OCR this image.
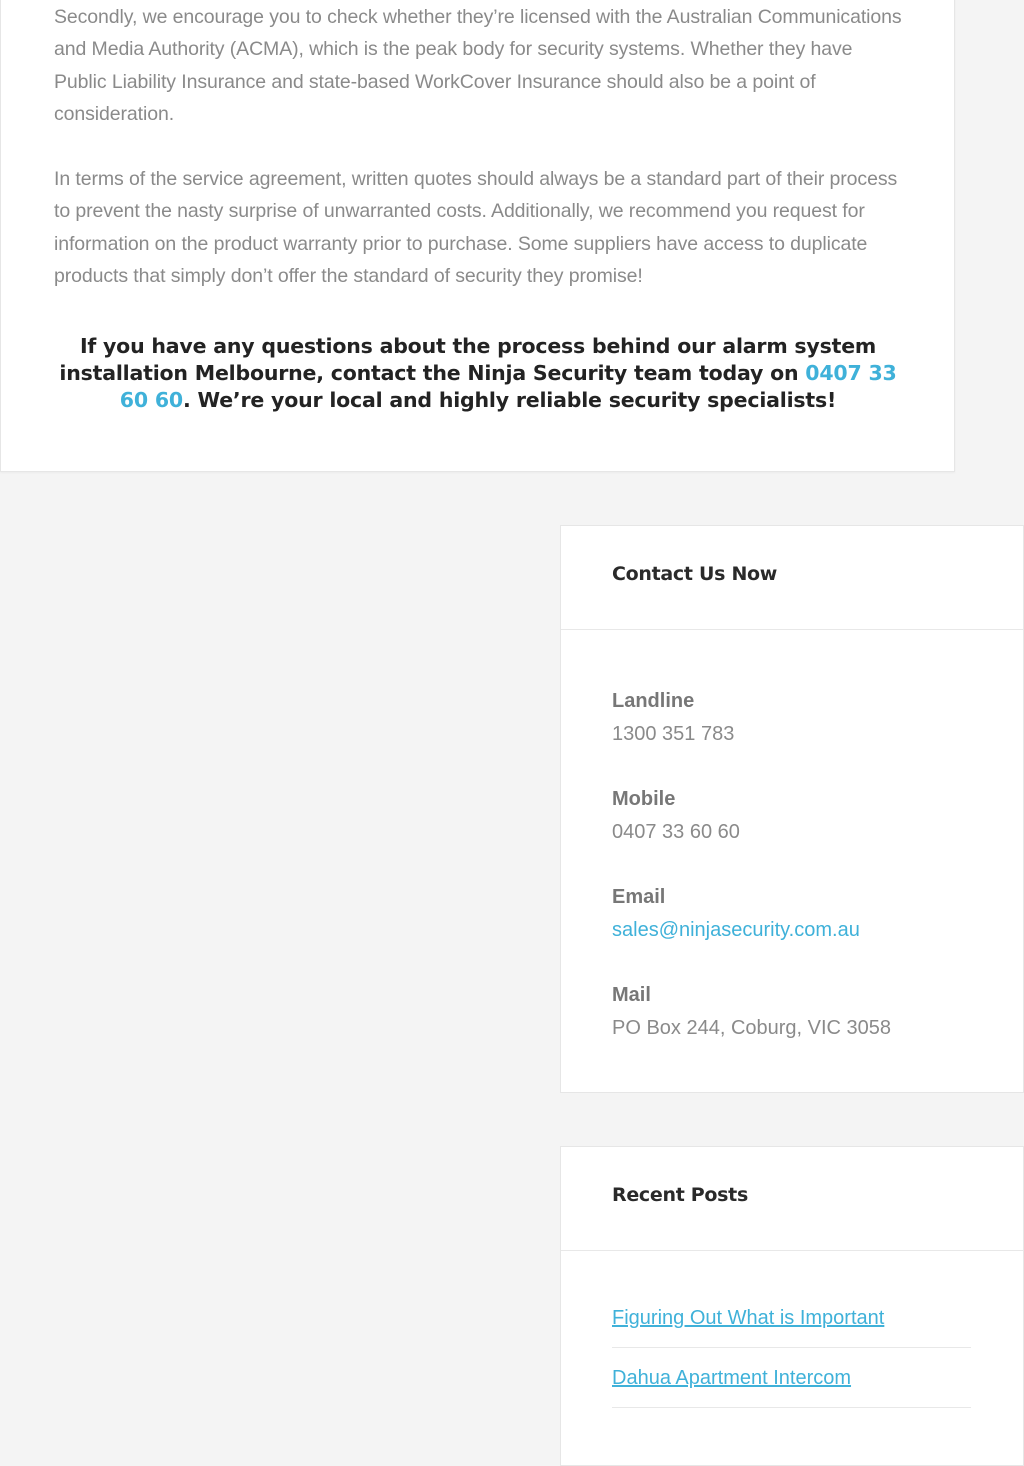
Secondly, we encourage you to check whether they’re licensed with the Australian Communications and Media Authority (ACMA), which is the peak body for security systems. Whether they have Public Liability Insurance and state-based WorkCover Insurance should also be a point of consideration.

In terms of the service agreement, written quotes should always be a standard part of their process to prevent the nasty surprise of unwarranted costs. Additionally, we recommend you request for information on the product warranty prior to purchase. Some suppliers have access to duplicate products that simply don’t offer the standard of security they promise!

If you have any questions about the process behind our alarm system installation Melbourne, contact the Ninja Security team today on 0407 33 60 60. We’re your local and highly reliable security specialists!

Contact Us Now
Landline
1300 351 783
Mobile
0407 33 60 60
Email
sales@ninjasecurity.com.au
Mail
PO Box 244, Coburg, VIC 3058
Recent Posts
Figuring Out What is Important
Dahua Apartment Intercom
